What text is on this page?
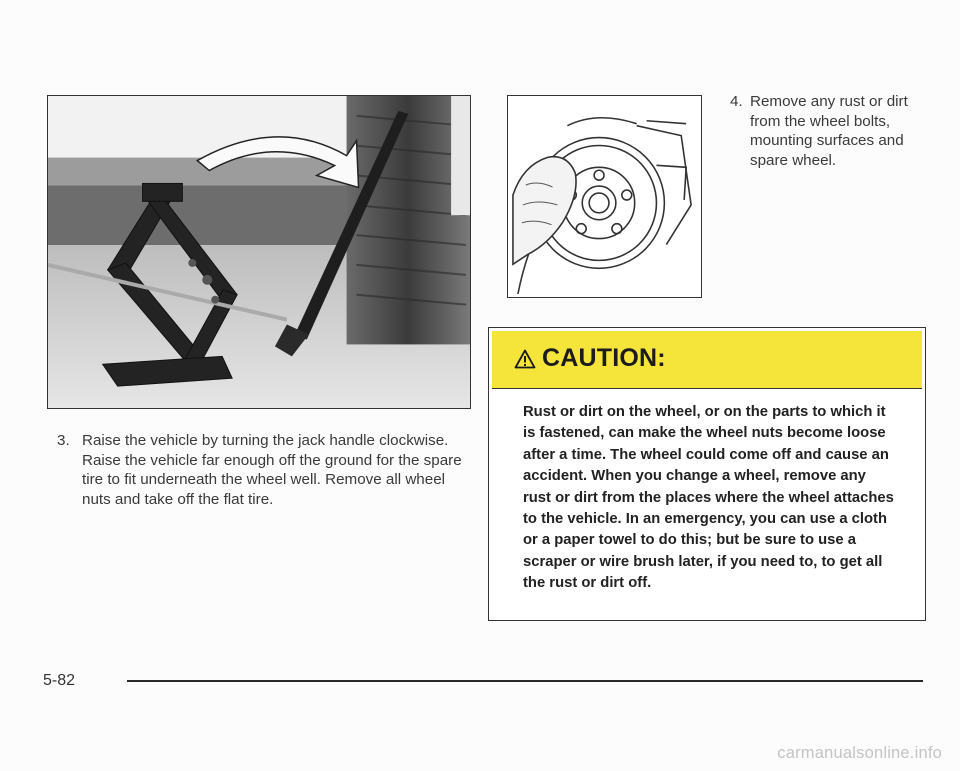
4. Remove any rust or dirt from the wheel bolts, mounting surfaces and spare wheel.
CAUTION:
Rust or dirt on the wheel, or on the parts to which it is fastened, can make the wheel nuts become loose after a time. The wheel could come off and cause an accident. When you change a wheel, remove any rust or dirt from the places where the wheel attaches to the vehicle. In an emergency, you can use a cloth or a paper towel to do this; but be sure to use a scraper or wire brush later, if you need to, to get all the rust or dirt off.
3. Raise the vehicle by turning the jack handle clockwise. Raise the vehicle far enough off the ground for the spare tire to fit underneath the wheel well. Remove all wheel nuts and take off the flat tire.
5-82
carmanualsonline.info
